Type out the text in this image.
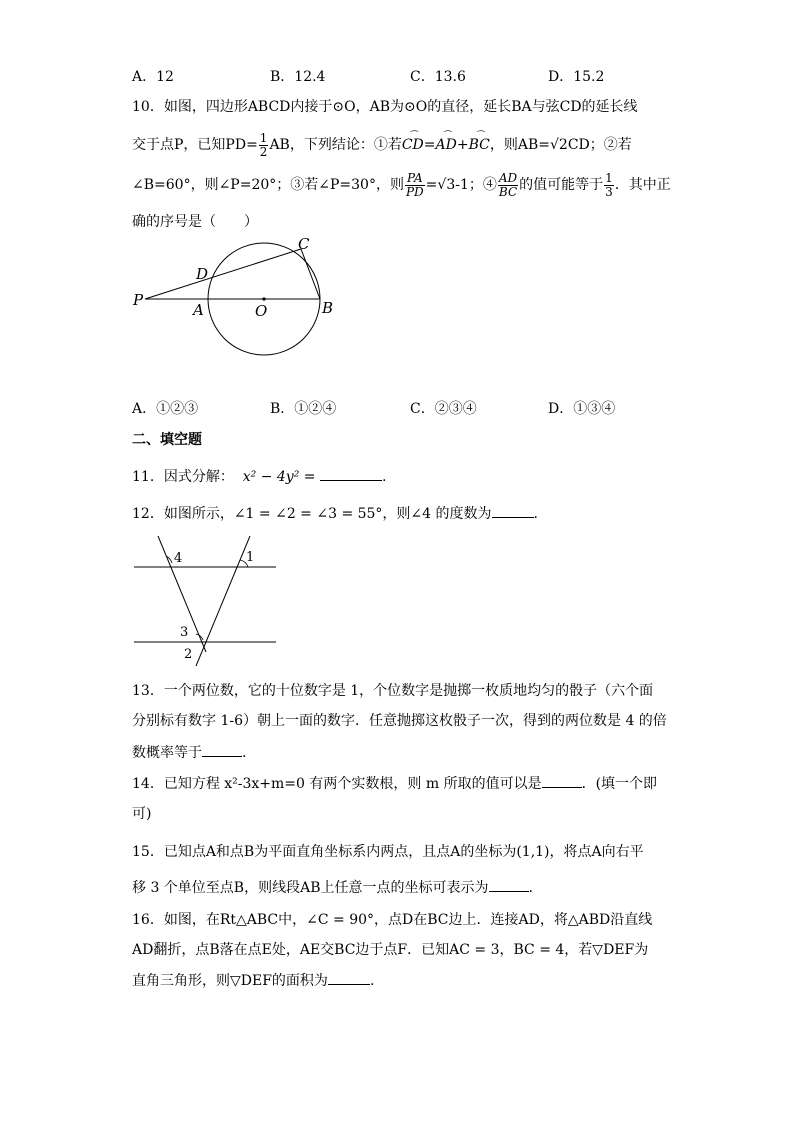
A．12	B．12.4	C．13.6	D．15.2
10．如图，四边形ABCD内接于⊙O，AB为⊙O的直径，延长BA与弦CD的延长线
交于点P，已知$PD= \frac{1}{2}$ AB，下列结论：①若⌒ CD=⌒ AD+⌒ BC，则AB=√2CD；②若
∠B=60°，则∠P=20°；③若∠P=30°，则 $\frac{PA}{PD} =√3-1$；④ $\frac{AD}{BC}$ 的值可能等于 $\frac{1}{3}$ ．其中正
确的序号是（　　）
P
A	O	B
C
D
A．①②③	B．①②④	C．②③④	D．①③④
二、填空题
11．因式分解： x² − 4y² =	.
12．如图所示，∠1 = ∠2 = ∠3 = 55°，则∠4 的度数为	.
4	1
3
2
13．一个两位数，它的十位数字是 1，个位数字是抛掷一枚质地均匀的骰子（六个面
分别标有数字 1-6）朝上一面的数字．任意抛掷这枚骰子一次，得到的两位数是 4 的倍
数概率等于	.
14．已知方程 x²-3x+m=0 有两个实数根，则 m 所取的值可以是	．(填一个即
可)
15．已知点A和点B为平面直角坐标系内两点，且点A的坐标为(1,1)，将点A向右平
移 3 个单位至点B，则线段AB上任意一点的坐标可表示为	.
16．如图，在Rt△ABC中，∠C = 90°，点D在BC边上．连接AD，将△ABD沿直线
AD翻折，点B落在点E处，AE交BC边于点F．已知AC = 3，BC = 4，若▽DEF为
直角三角形，则▽DEF的面积为	.
